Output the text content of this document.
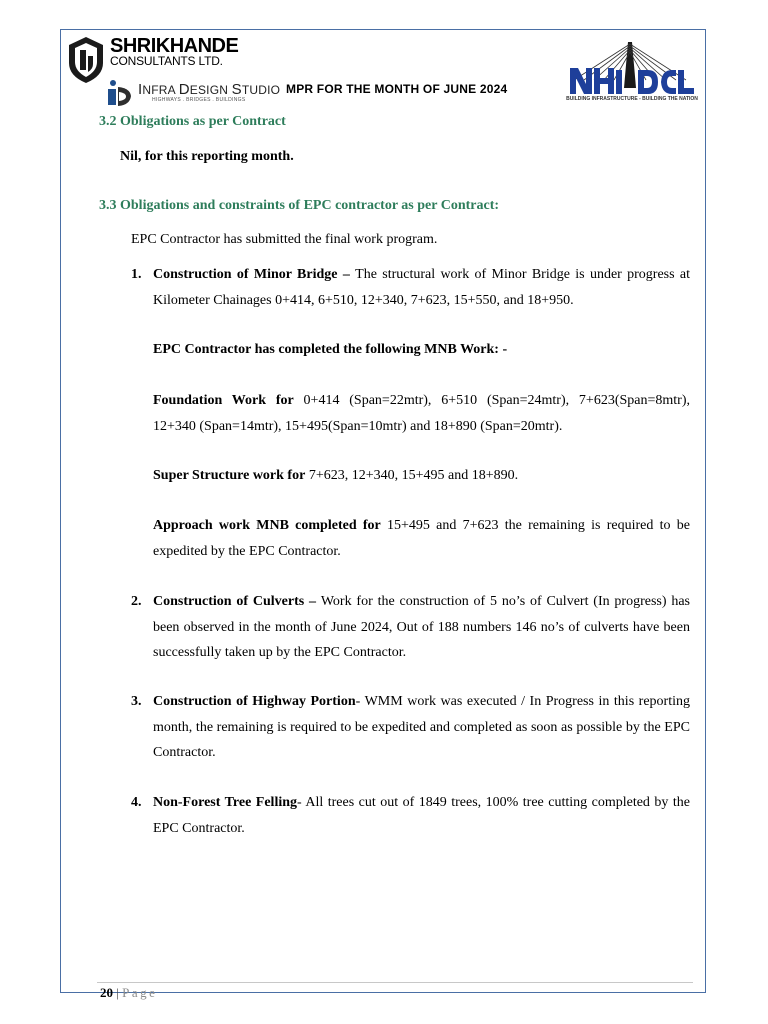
SHRIKHANDE
CONSULTANTS LTD.
INFRA DESIGN STUDIO
HIGHWAYS . BRIDGES . BUILDINGS
MPR FOR THE MONTH OF JUNE 2024
BUILDING INFRASTRUCTURE - BUILDING THE NATION
3.2 Obligations as per Contract
Nil, for this reporting month.
3.3 Obligations and constraints of EPC contractor as per Contract:
EPC Contractor has submitted the final work program.
1. Construction of Minor Bridge – The structural work of Minor Bridge is under progress at Kilometer Chainages 0+414, 6+510, 12+340, 7+623, 15+550, and 18+950.
EPC Contractor has completed the following MNB Work: -
Foundation Work for 0+414 (Span=22mtr), 6+510 (Span=24mtr), 7+623(Span=8mtr), 12+340 (Span=14mtr), 15+495(Span=10mtr) and 18+890 (Span=20mtr).
Super Structure work for 7+623, 12+340, 15+495 and 18+890.
Approach work MNB completed for 15+495 and 7+623 the remaining is required to be expedited by the EPC Contractor.
2. Construction of Culverts – Work for the construction of 5 no’s of Culvert (In progress) has been observed in the month of June 2024, Out of 188 numbers 146 no’s of culverts have been successfully taken up by the EPC Contractor.
3. Construction of Highway Portion- WMM work was executed / In Progress in this reporting month, the remaining is required to be expedited and completed as soon as possible by the EPC Contractor.
4. Non-Forest Tree Felling- All trees cut out of 1849 trees, 100% tree cutting completed by the EPC Contractor.
20 | Page
